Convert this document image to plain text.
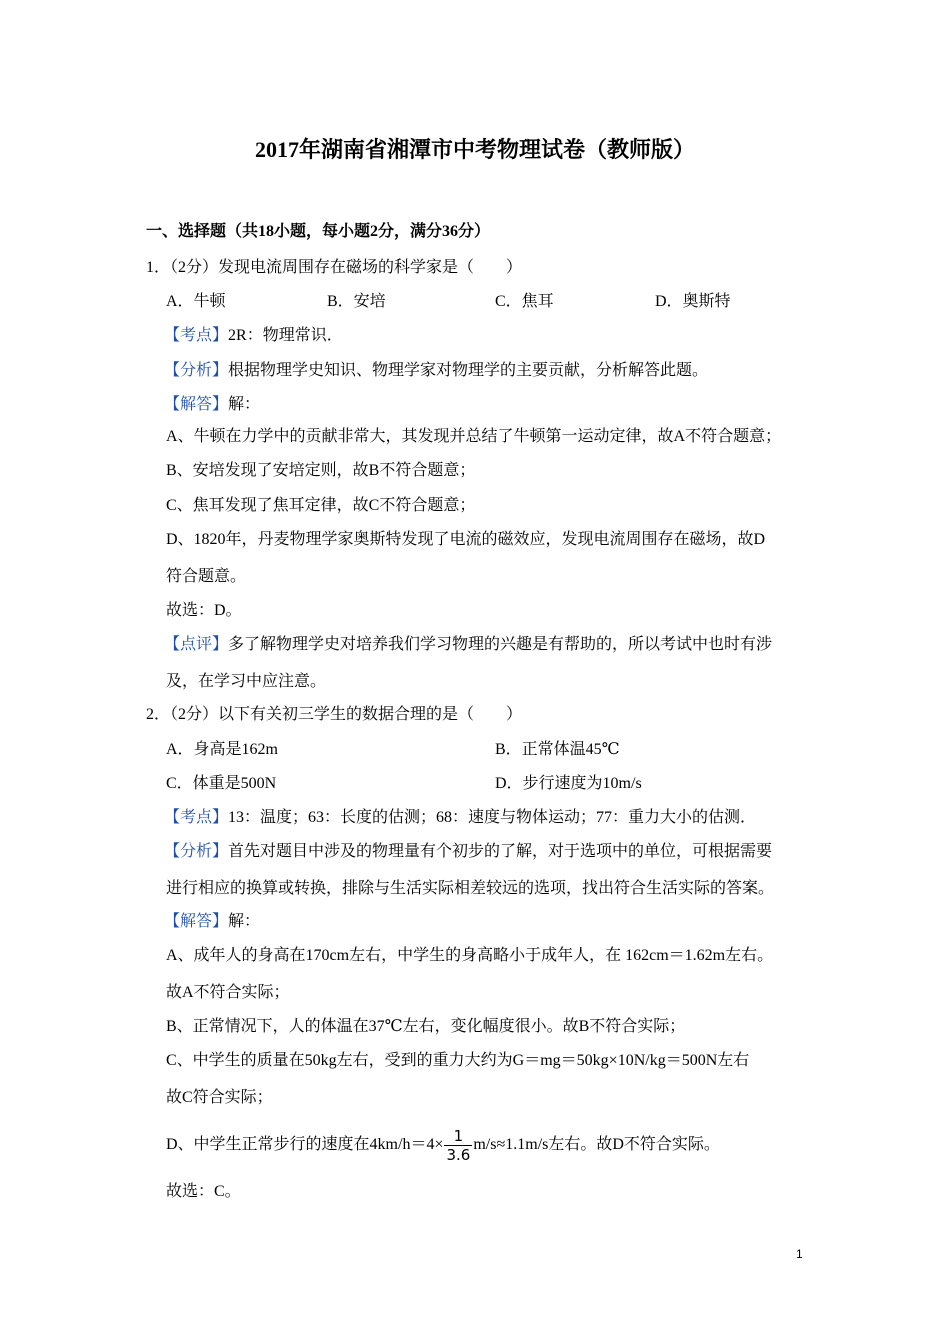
2017年湖南省湘潭市中考物理试卷（教师版）
一、选择题（共18小题，每小题2分，满分36分）
1．（2分）发现电流周围存在磁场的科学家是（　　）
A．牛顿	B．安培	C．焦耳	D．奥斯特
【考点】2R：物理常识．
【分析】根据物理学史知识、物理学家对物理学的主要贡献，分析解答此题。
【解答】解：
A、牛顿在力学中的贡献非常大，其发现并总结了牛顿第一运动定律，故A不符合题意；
B、安培发现了安培定则，故B不符合题意；
C、焦耳发现了焦耳定律，故C不符合题意；
D、1820年，丹麦物理学家奥斯特发现了电流的磁效应，发现电流周围存在磁场，故D
符合题意。
故选：D。
【点评】多了解物理学史对培养我们学习物理的兴趣是有帮助的，所以考试中也时有涉
及，在学习中应注意。
2．（2分）以下有关初三学生的数据合理的是（　　）
A．身高是162m	B．正常体温45℃
C．体重是500N	D．步行速度为10m/s
【考点】13：温度；63：长度的估测；68：速度与物体运动；77：重力大小的估测．
【分析】首先对题目中涉及的物理量有个初步的了解，对于选项中的单位，可根据需要
进行相应的换算或转换，排除与生活实际相差较远的选项，找出符合生活实际的答案。
【解答】解：
A、成年人的身高在170cm左右，中学生的身高略小于成年人，在 162cm＝1.62m左右。
故A不符合实际；
B、正常情况下，人的体温在37℃左右，变化幅度很小。故B不符合实际；
C、中学生的质量在50kg左右，受到的重力大约为G＝mg＝50kg×10N/kg＝500N左右
故C符合实际；
D、中学生正常步行的速度在$4km/h=4\times \frac{1}{3.6} m/s\approx 1.1m/s$左右。故D不符合实际。
故选：C。
1
